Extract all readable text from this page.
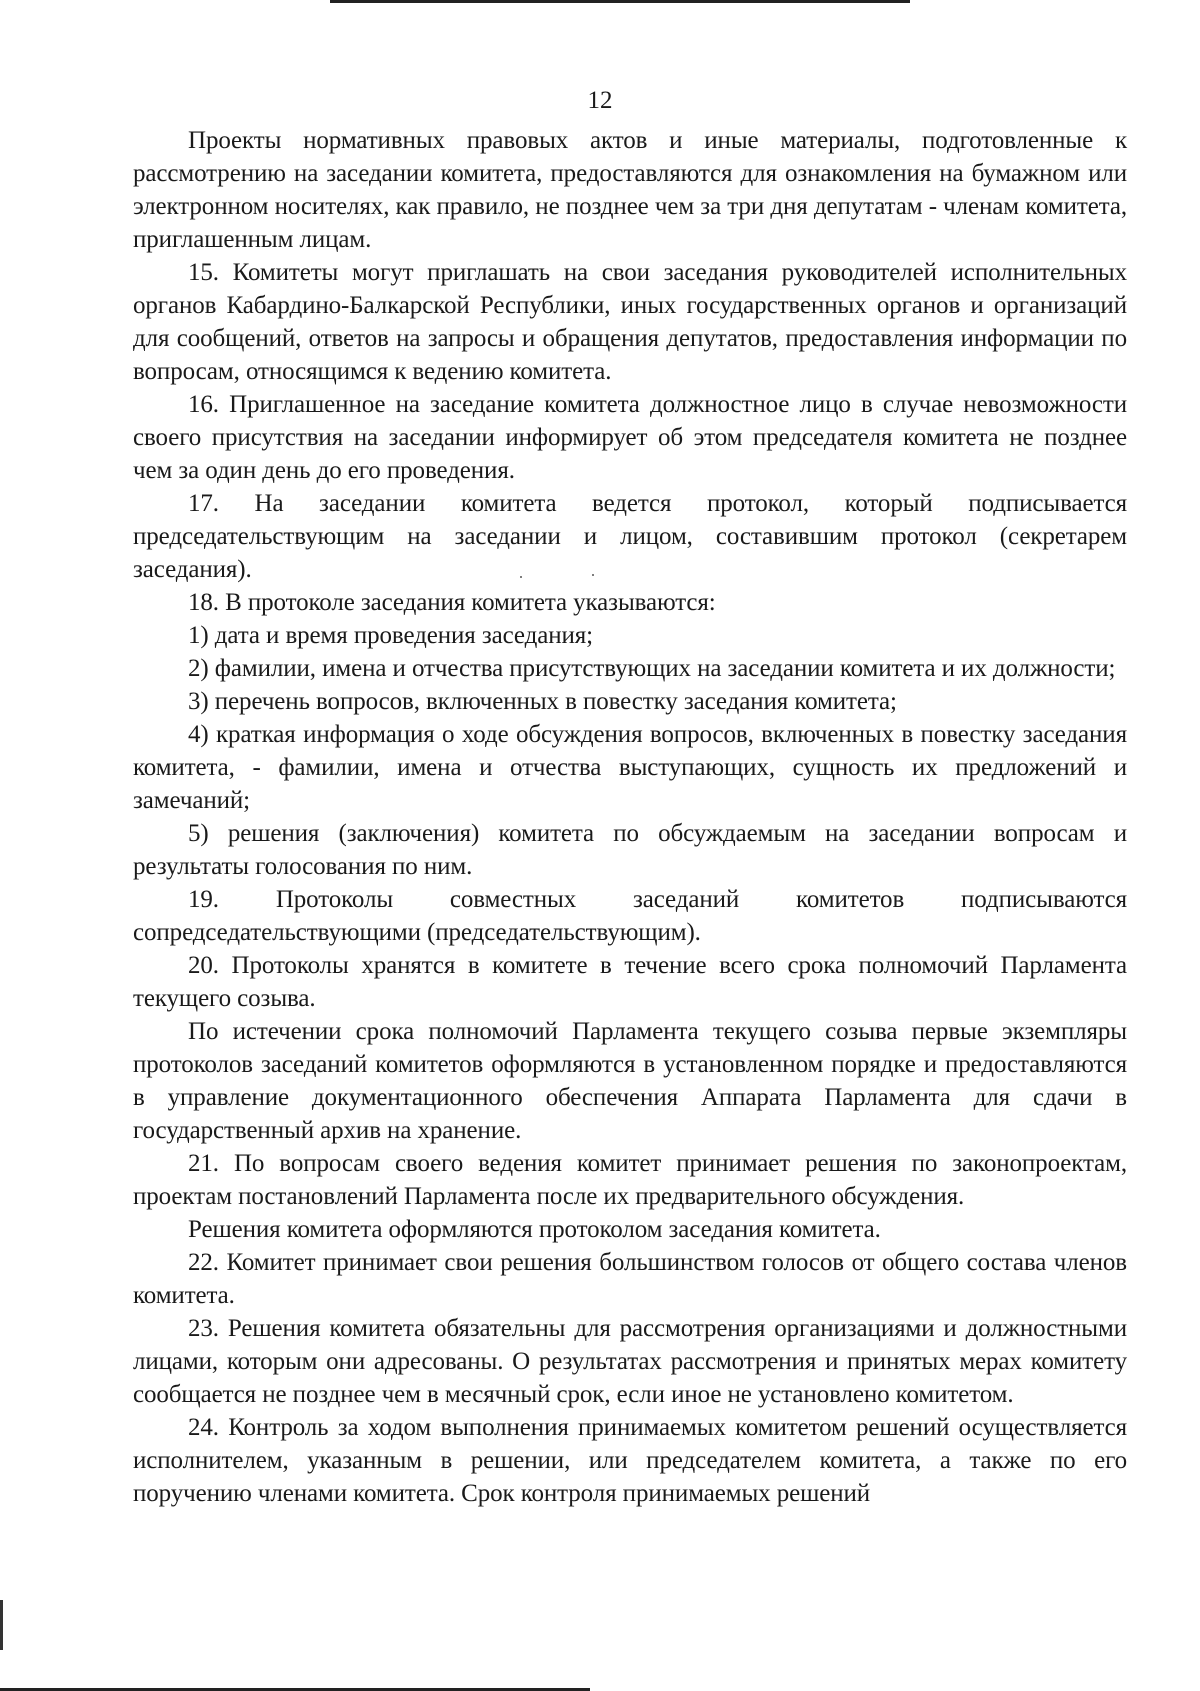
12

Проекты нормативных правовых актов и иные материалы, подготовленные к рассмотрению на заседании комитета, предоставляются для ознакомления на бумажном или электронном носителях, как правило, не позднее чем за три дня депутатам - членам комитета, приглашенным лицам.

15. Комитеты могут приглашать на свои заседания руководителей исполнительных органов Кабардино-Балкарской Республики, иных государственных органов и организаций для сообщений, ответов на запросы и обращения депутатов, предоставления информации по вопросам, относящимся к ведению комитета.

16. Приглашенное на заседание комитета должностное лицо в случае невозможности своего присутствия на заседании информирует об этом председателя комитета не позднее чем за один день до его проведения.

17. На заседании комитета ведется протокол, который подписывается председательствующим на заседании и лицом, составившим протокол (секретарем заседания).

18. В протоколе заседания комитета указываются:

1) дата и время проведения заседания;

2) фамилии, имена и отчества присутствующих на заседании комитета и их должности;

3) перечень вопросов, включенных в повестку заседания комитета;

4) краткая информация о ходе обсуждения вопросов, включенных в повестку заседания комитета, - фамилии, имена и отчества выступающих, сущность их предложений и замечаний;

5) решения (заключения) комитета по обсуждаемым на заседании вопросам и результаты голосования по ним.

19. Протоколы совместных заседаний комитетов подписываются сопредседательствующими (председательствующим).

20. Протоколы хранятся в комитете в течение всего срока полномочий Парламента текущего созыва.

По истечении срока полномочий Парламента текущего созыва первые экземпляры протоколов заседаний комитетов оформляются в установленном порядке и предоставляются в управление документационного обеспечения Аппарата Парламента для сдачи в государственный архив на хранение.

21. По вопросам своего ведения комитет принимает решения по законопроектам, проектам постановлений Парламента после их предварительного обсуждения.

Решения комитета оформляются протоколом заседания комитета.

22. Комитет принимает свои решения большинством голосов от общего состава членов комитета.

23. Решения комитета обязательны для рассмотрения организациями и должностными лицами, которым они адресованы. О результатах рассмотрения и принятых мерах комитету сообщается не позднее чем в месячный срок, если иное не установлено комитетом.

24. Контроль за ходом выполнения принимаемых комитетом решений осуществляется исполнителем, указанным в решении, или председателем комитета, а также по его поручению членами комитета. Срок контроля принимаемых решений
